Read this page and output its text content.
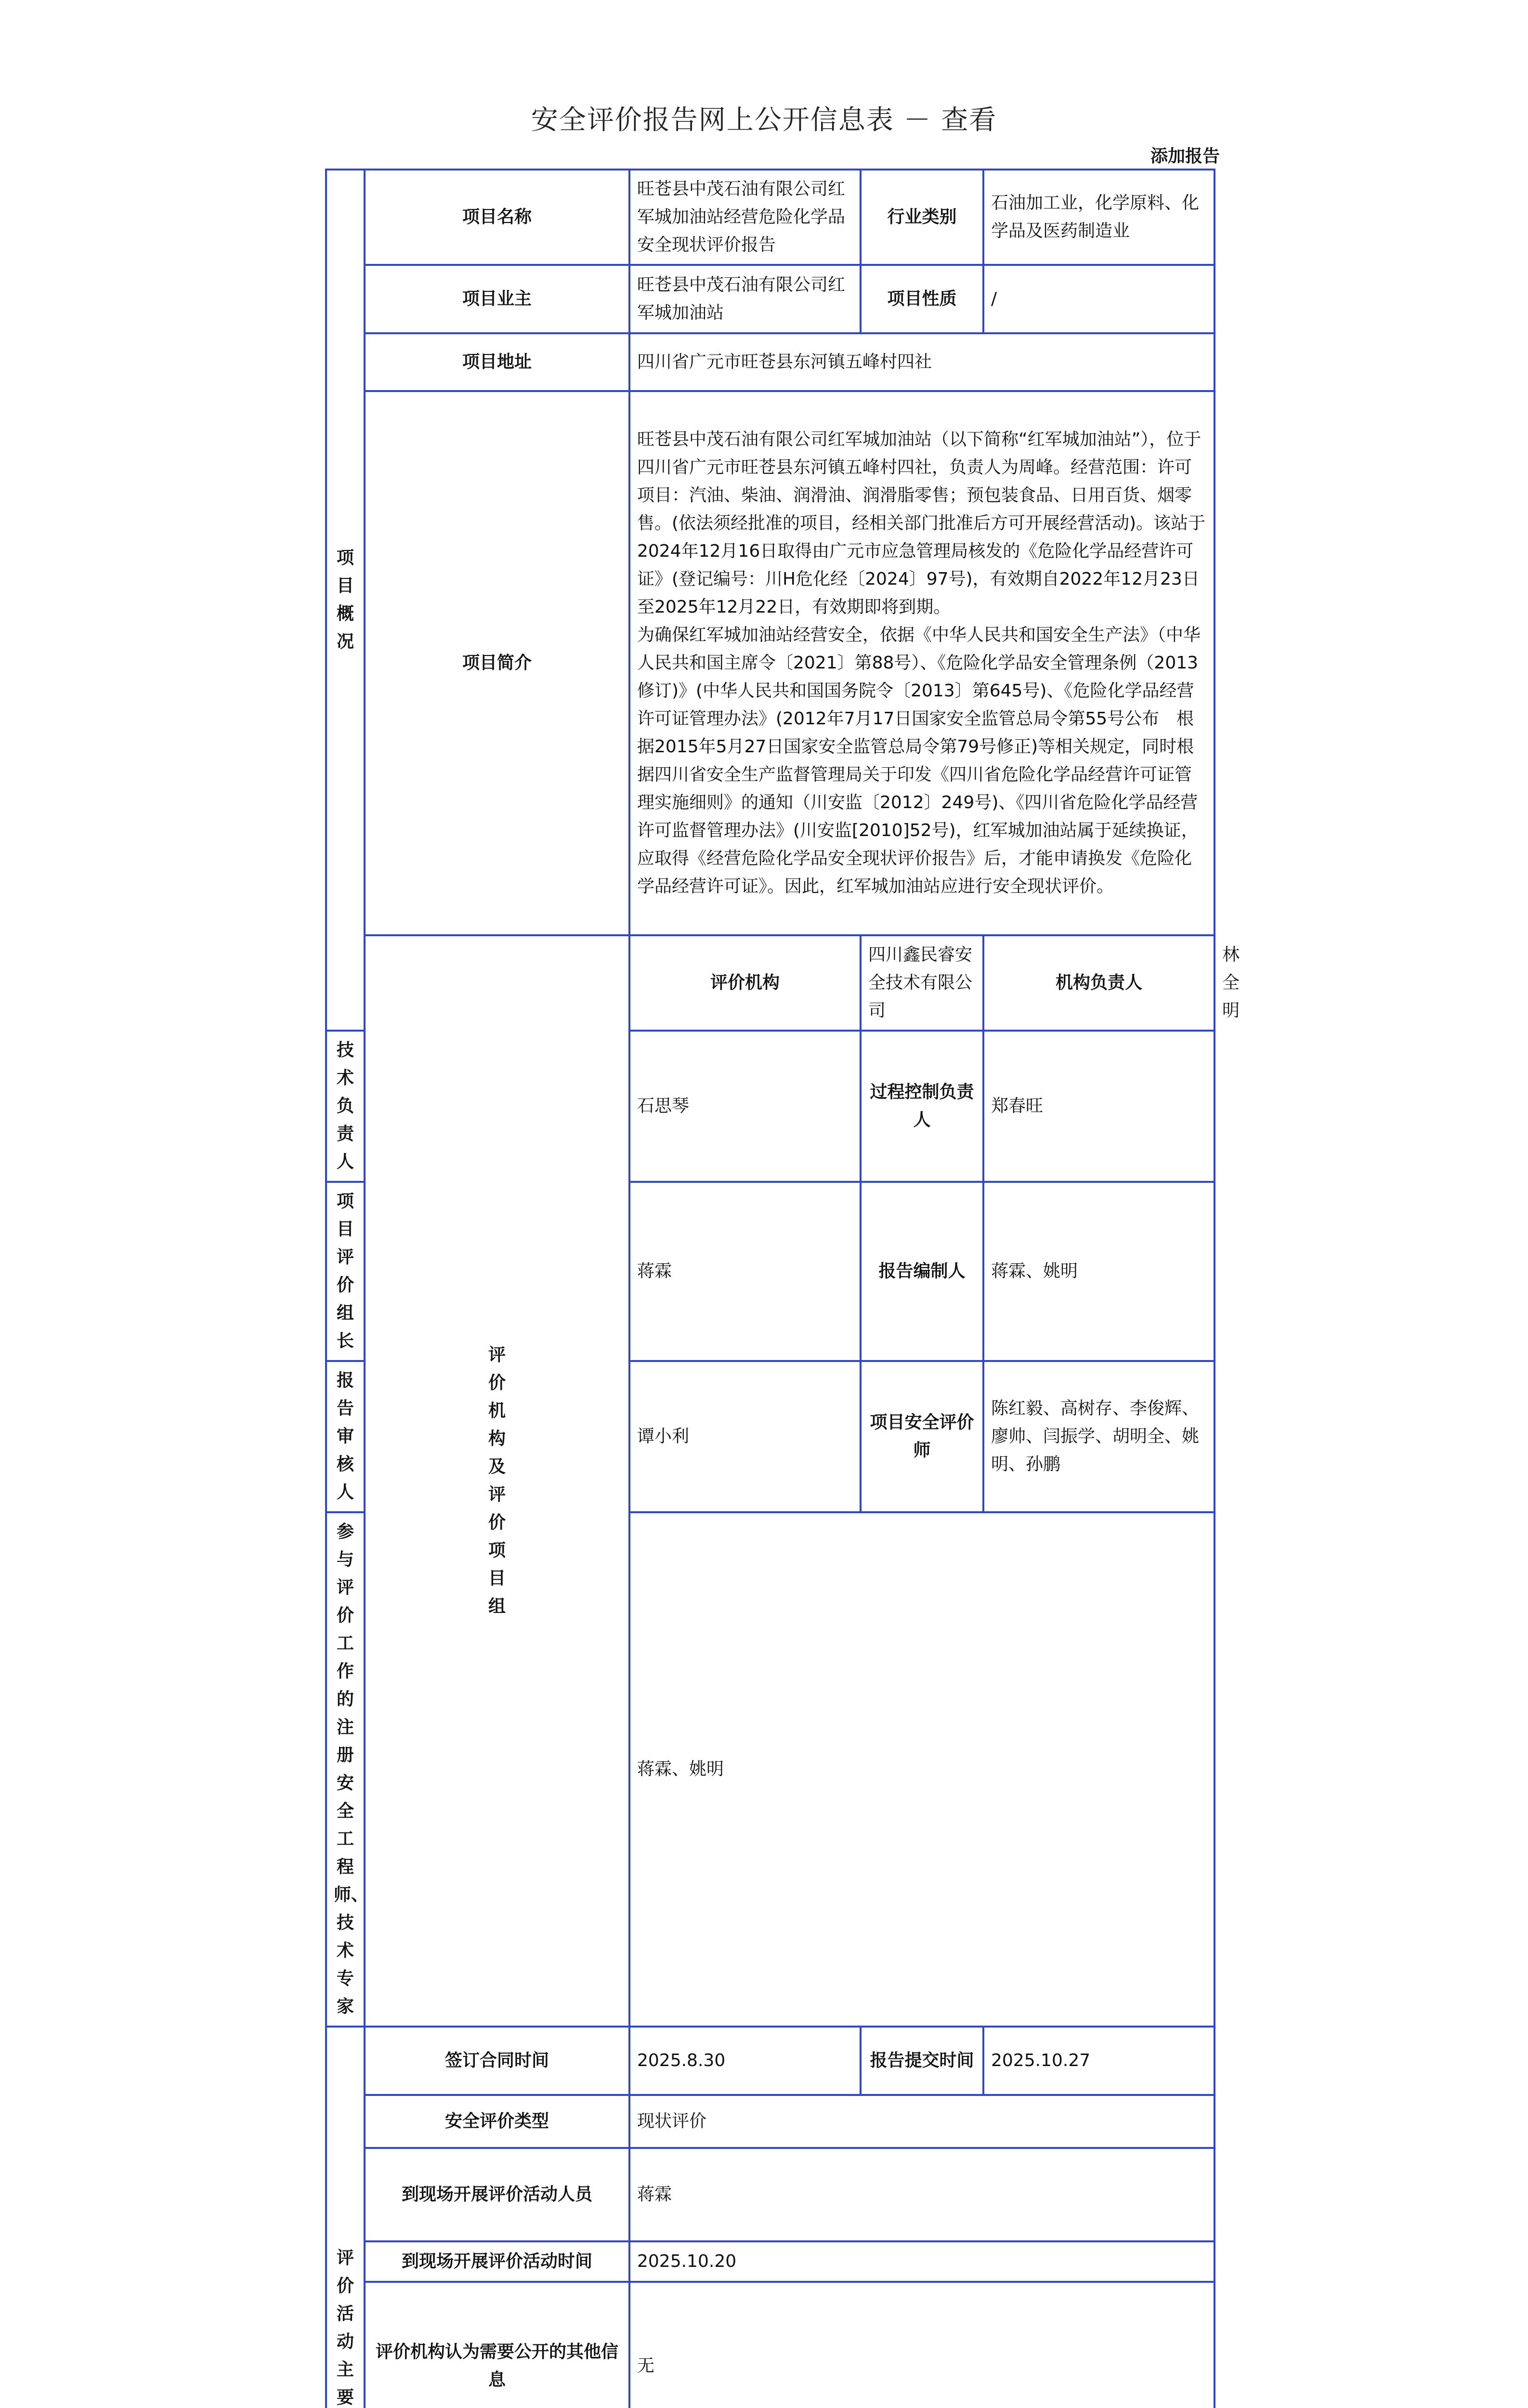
安全评价报告网上公开信息表 － 查看
添加报告
项目概况	项目名称	旺苍县中茂石油有限公司红军城加油站经营危险化学品安全现状评价报告	行业类别	石油加工业，化学原料、化学品及医药制造业	
	项目业主	旺苍县中茂石油有限公司红军城加油站	项目性质	/	
	项目地址	四川省广元市旺苍县东河镇五峰村四社			
	项目简介	旺苍县中茂石油有限公司红军城加油站（以下简称“红军城加油站”），位于四川省广元市旺苍县东河镇五峰村四社，负责人为周峰。经营范围：许可项目：汽油、柴油、润滑油、润滑脂零售；预包装食品、日用百货、烟零售。(依法须经批准的项目，经相关部门批准后方可开展经营活动)。该站于2024年12月16日取得由广元市应急管理局核发的《危险化学品经营许可证》(登记编号：川H危化经〔2024〕97号)，有效期自2022年12月23日至2025年12月22日，有效期即将到期。
为确保红军城加油站经营安全，依据《中华人民共和国安全生产法》（中华人民共和国主席令〔2021〕第88号）、《危险化学品安全管理条例（2013修订)》(中华人民共和国国务院令〔2013〕第645号)、《危险化学品经营许可证管理办法》(2012年7月17日国家安全监管总局令第55号公布　根据2015年5月27日国家安全监管总局令第79号修正)等相关规定，同时根据四川省安全生产监督管理局关于印发《四川省危险化学品经营许可证管理实施细则》的通知（川安监〔2012〕249号)、《四川省危险化学品经营许可监督管理办法》(川安监[2010]52号)，红军城加油站属于延续换证，应取得《经营危险化学品安全现状评价报告》后，才能申请换发《危险化学品经营许可证》。因此，红军城加油站应进行安全现状评价。			
	评价机构及评价项目组	评价机构	四川鑫民睿安全技术有限公司	机构负责人	林全明
技术负责人		石思琴	过程控制负责人	郑春旺	
项目评价组长		蒋霖	报告编制人	蒋霖、姚明	
报告审核人		谭小利	项目安全评价师	陈红毅、高树存、李俊辉、廖帅、闫振学、胡明全、姚明、孙鹏	
参与评价工作的注册安全工程师、技术专家		蒋霖、姚明			
评价活动主要	签订合同时间	2025.8.30	报告提交时间	2025.10.27	
	安全评价类型	现状评价			
	到现场开展评价活动人员	蒋霖			
	到现场开展评价活动时间	2025.10.20			
	评价机构认为需要公开的其他信息	无			
